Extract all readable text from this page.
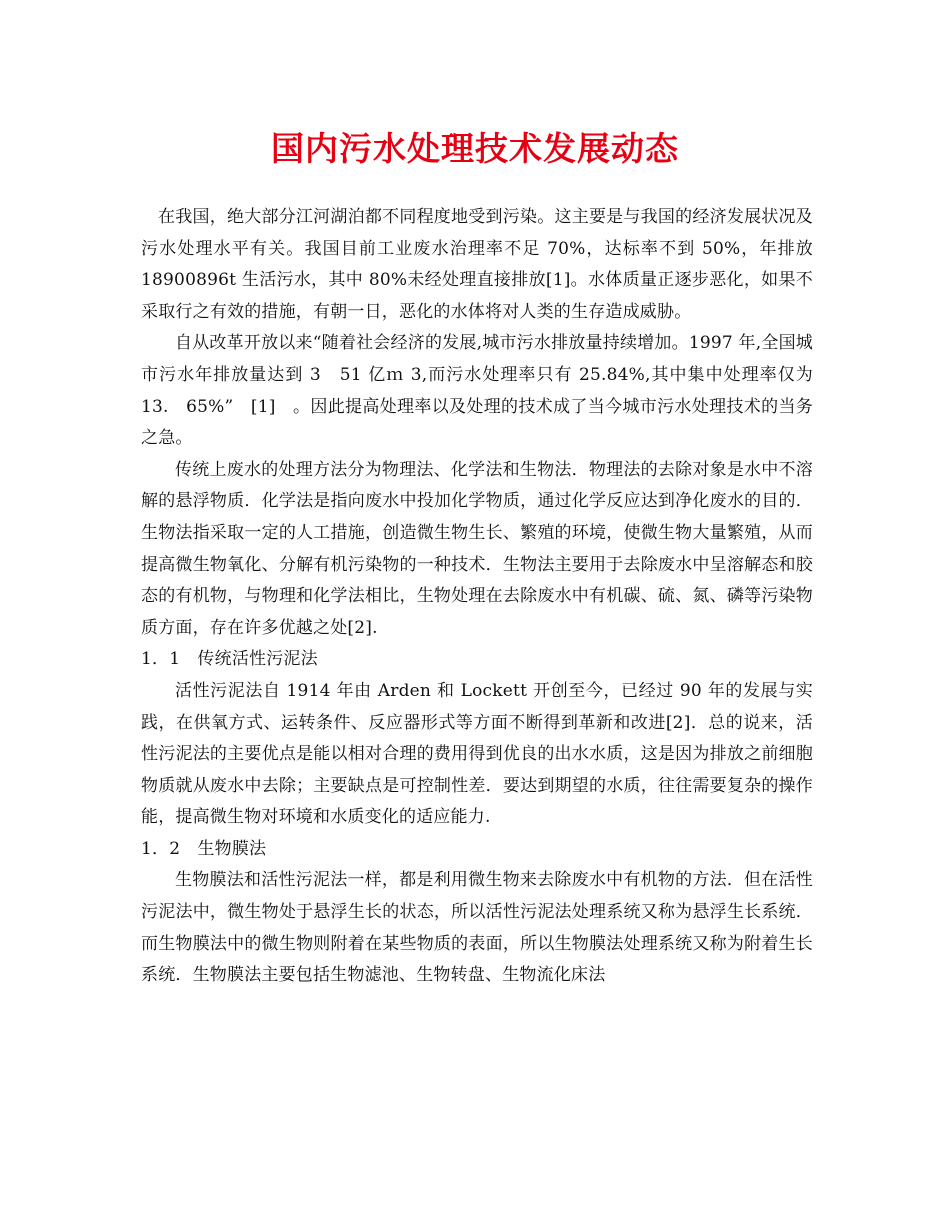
国内污水处理技术发展动态

在我国，绝大部分江河湖泊都不同程度地受到污染。这主要是与我国的经济发展状况及污水处理水平有关。我国目前工业废水治理率不足 70%，达标率不到 50%，年排放 18900896t 生活污水，其中 80%未经处理直接排放[1]。水体质量正逐步恶化，如果不采取行之有效的措施，有朝一日，恶化的水体将对人类的生存造成威胁。

自从改革开放以来“随着社会经济的发展,城市污水排放量持续增加。1997 年,全国城市污水年排放量达到 3　51 亿ｍ 3,而污水处理率只有 25.84%,其中集中处理率仅为 13.　65%”　[1]　。因此提高处理率以及处理的技术成了当今城市污水处理技术的当务之急。

传统上废水的处理方法分为物理法、化学法和生物法．物理法的去除对象是水中不溶解的悬浮物质．化学法是指向废水中投加化学物质，通过化学反应达到净化废水的目的．生物法指采取一定的人工措施，创造微生物生长、繁殖的环境，使微生物大量繁殖，从而提高微生物氧化、分解有机污染物的一种技术．生物法主要用于去除废水中呈溶解态和胶态的有机物，与物理和化学法相比，生物处理在去除废水中有机碳、硫、氮、磷等污染物质方面，存在许多优越之处[2].

1．1　传统活性污泥法

活性污泥法自 1914 年由 Arden 和 Lockett 开创至今，已经过 90 年的发展与实践，在供氧方式、运转条件、反应器形式等方面不断得到革新和改进[2]．总的说来，活性污泥法的主要优点是能以相对合理的费用得到优良的出水水质，这是因为排放之前细胞物质就从废水中去除；主要缺点是可控制性差．要达到期望的水质，往往需要复杂的操作能，提高微生物对环境和水质变化的适应能力.

1．2　生物膜法

生物膜法和活性污泥法一样，都是利用微生物来去除废水中有机物的方法．但在活性污泥法中，微生物处于悬浮生长的状态，所以活性污泥法处理系统又称为悬浮生长系统．而生物膜法中的微生物则附着在某些物质的表面，所以生物膜法处理系统又称为附着生长系统．生物膜法主要包括生物滤池、生物转盘、生物流化床法
